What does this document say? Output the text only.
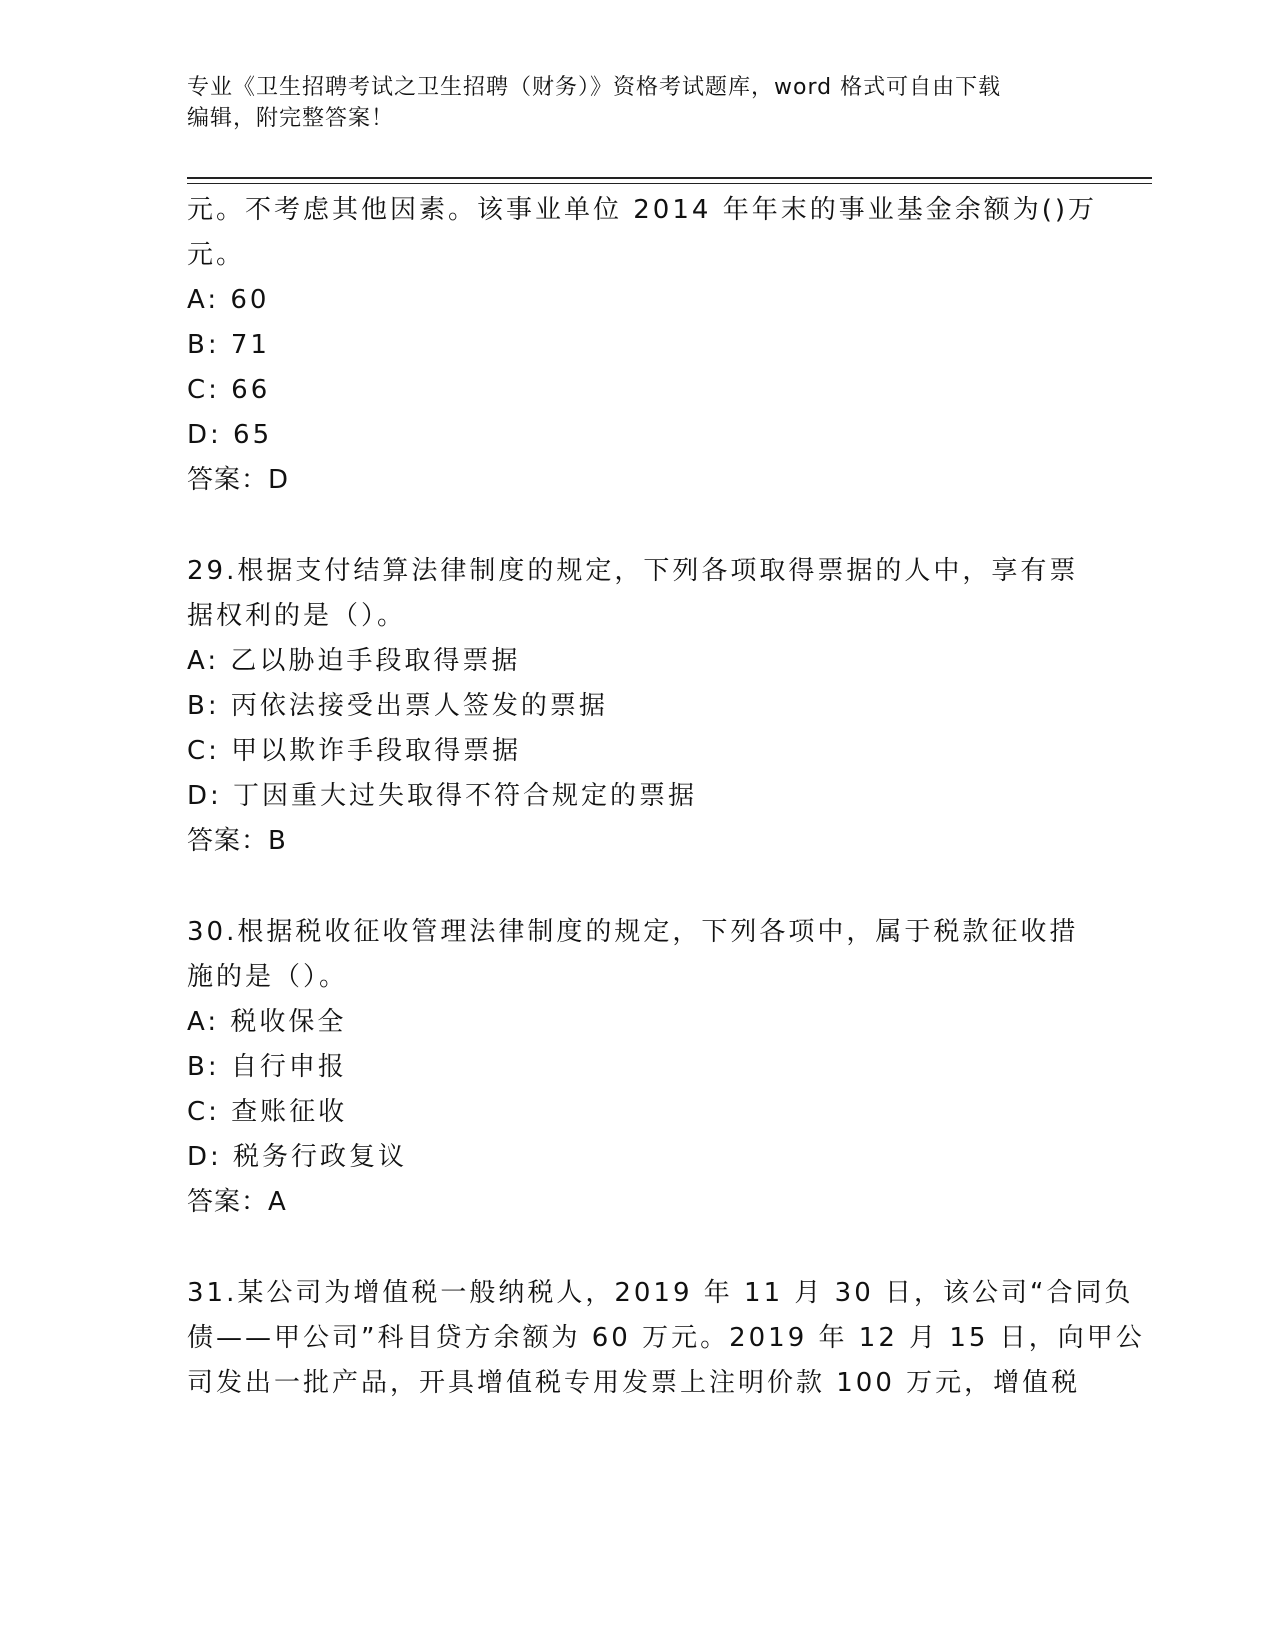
专业《卫生招聘考试之卫生招聘（财务）》资格考试题库，word 格式可自由下载
编辑，附完整答案！
元。不考虑其他因素。该事业单位 2014 年年末的事业基金余额为()万
元。
A: 60
B: 71
C: 66
D: 65
答案：D
29.根据支付结算法律制度的规定，下列各项取得票据的人中，享有票
据权利的是（）。
A: 乙以胁迫手段取得票据
B: 丙依法接受出票人签发的票据
C: 甲以欺诈手段取得票据
D: 丁因重大过失取得不符合规定的票据
答案：B
30.根据税收征收管理法律制度的规定，下列各项中，属于税款征收措
施的是（）。
A: 税收保全
B: 自行申报
C: 查账征收
D: 税务行政复议
答案：A
31.某公司为增值税一般纳税人，2019 年 11 月 30 日，该公司“合同负
债——甲公司”科目贷方余额为 60 万元。2019 年 12 月 15 日，向甲公
司发出一批产品，开具增值税专用发票上注明价款 100 万元，增值税
